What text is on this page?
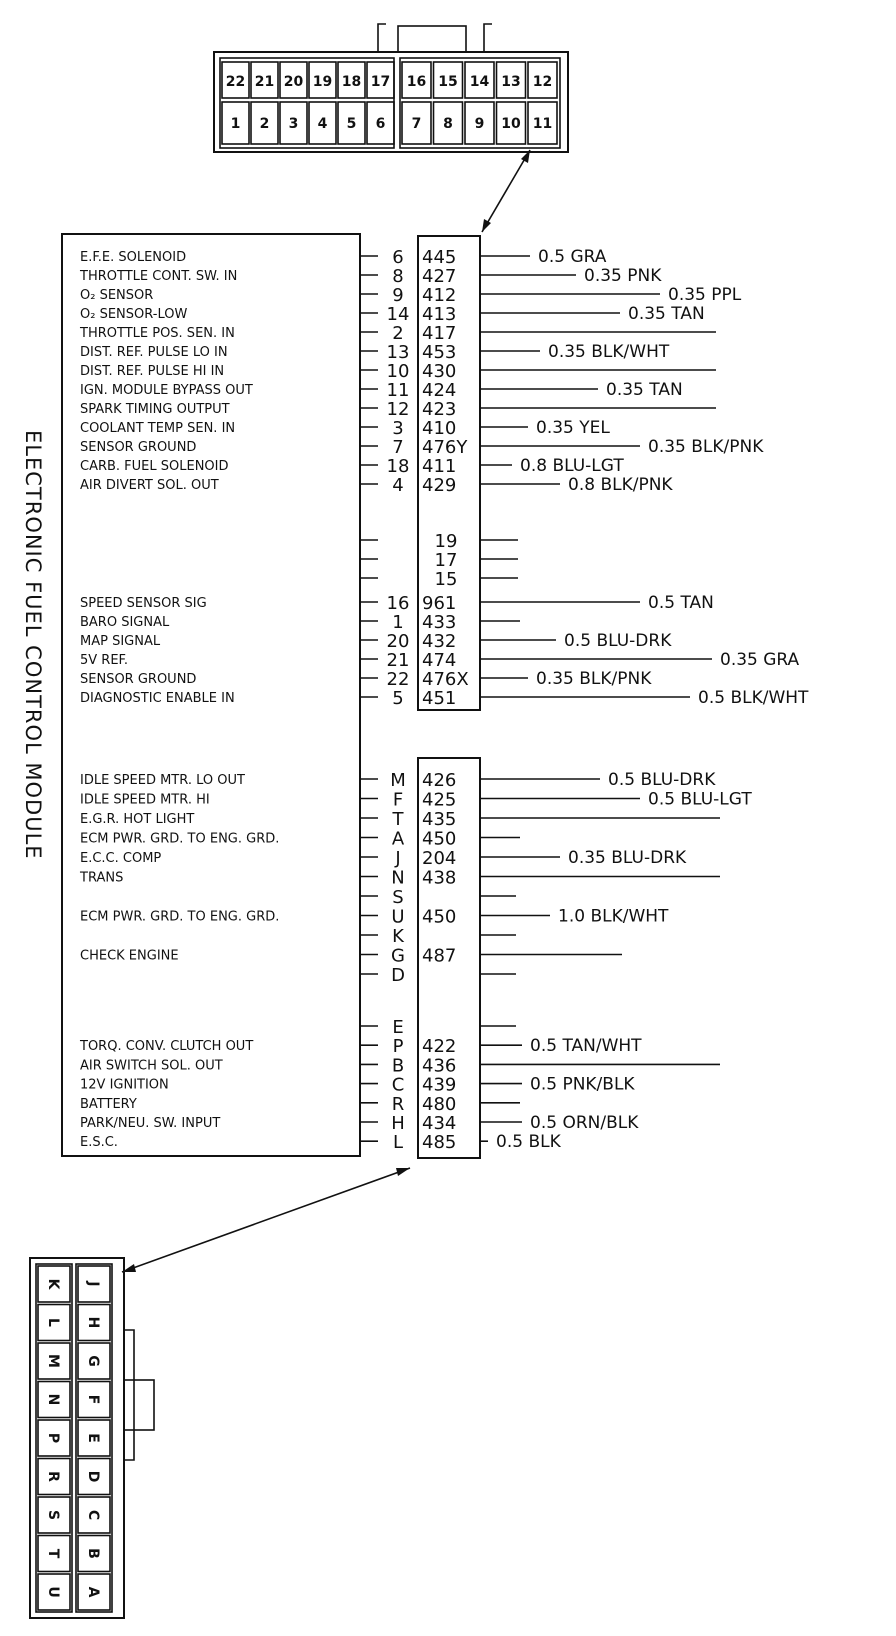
22 21 20 19 18 17 16 15 14 13 12
1 2 3 4 5 6 7 8 9 10 11
K J
L H
M G
N F
P E
R D
S C
T B
U A
ELECTRONIC FUEL CONTROL MODULE
E.F.E. SOLENOID	6 445	0.5 GRA
THROTTLE CONT. SW. IN	8 427	0.35 PNK
O₂ SENSOR	9 412	0.35 PPL
O₂ SENSOR-LOW	14 413	0.35 TAN
THROTTLE POS. SEN. IN	2 417
DIST. REF. PULSE LO IN	13 453	0.35 BLK/WHT
DIST. REF. PULSE HI IN	10 430
IGN. MODULE BYPASS OUT	11 424	0.35 TAN
SPARK TIMING OUTPUT	12 423
COOLANT TEMP SEN. IN	3 410	0.35 YEL
SENSOR GROUND	7 476Y	0.35 BLK/PNK
CARB. FUEL SOLENOID	18 411	0.8 BLU-LGT
AIR DIVERT SOL. OUT	4 429	0.8 BLK/PNK
19
17
15
SPEED SENSOR SIG	16 961	0.5 TAN
BARO SIGNAL	1 433
MAP SIGNAL	20 432	0.5 BLU-DRK
5V REF.	21 474	0.35 GRA
SENSOR GROUND	22 476X	0.35 BLK/PNK
DIAGNOSTIC ENABLE IN	5 451	0.5 BLK/WHT
IDLE SPEED MTR. LO OUT	M 426	0.5 BLU-DRK
IDLE SPEED MTR. HI	F 425	0.5 BLU-LGT
E.G.R. HOT LIGHT	T 435
ECM PWR. GRD. TO ENG. GRD.	A 450
E.C.C. COMP	J 204	0.35 BLU-DRK
TRANS	N 438
S
ECM PWR. GRD. TO ENG. GRD.	U 450	1.0 BLK/WHT
K
CHECK ENGINE	G 487
D
E
TORQ. CONV. CLUTCH OUT	P 422	0.5 TAN/WHT
AIR SWITCH SOL. OUT	B 436
12V IGNITION	C 439	0.5 PNK/BLK
BATTERY	R 480
PARK/NEU. SW. INPUT	H 434	0.5 ORN/BLK
E.S.C.	L 485 0.5 BLK
